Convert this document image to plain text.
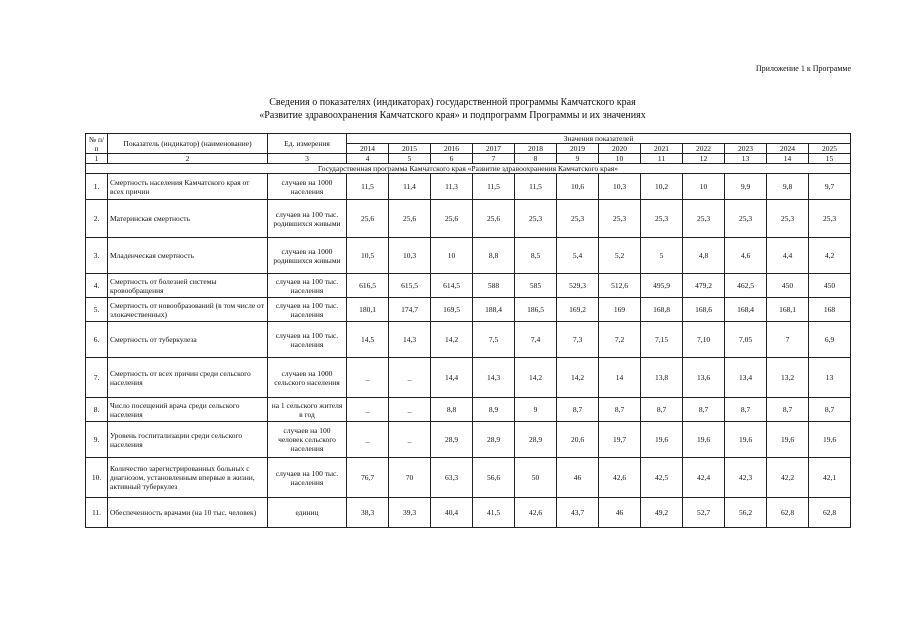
Приложение 1 к Программе
Сведения о показателях (индикаторах) государственной программы Камчатского края
«Развитие здравоохранения Камчатского края» и подпрограмм Программы и их значениях
№ п/п	Показатель (индикатор) (наименование)	Ед. измерения	Значения показателей											
			2014	2015	2016	2017	2018	2019	2020	2021	2022	2023	2024	2025
1	2	3	4	5	6	7	8	9	10	11	12	13	14	15
Государственная программа Камчатского края «Развитие здравоохранения Камчатского края»														
1.	Смертность населения Камчатского края от всех причин	случаев на 1000 населения	11,5	11,4	11,3	11,5	11,5	10,6	10,3	10,2	10	9,9	9,8	9,7
2.	Материнская смертность	случаев на 100 тыс. родившихся живыми	25,6	25,6	25,6	25,6	25,3	25,3	25,3	25,3	25,3	25,3	25,3	25,3
3.	Младенческая смертность	случаев на 1000 родившихся живыми	10,5	10,3	10	8,8	8,5	5,4	5,2	5	4,8	4,6	4,4	4,2
4.	Смертность от болезней системы кровообращения	случаев на 100 тыс. населения	616,5	615,5	614,5	588	585	529,3	512,6	495,9	479,2	462,5	450	450
5.	Смертность от новообразований (в том числе от злокачественных)	случаев на 100 тыс. населения	180,1	174,7	169,5	188,4	186,5	169,2	169	168,8	168,6	168,4	168,1	168
6.	Смертность от туберкулеза	случаев на 100 тыс. населения	14,5	14,3	14,2	7,5	7,4	7,3	7,2	7,15	7,10	7,05	7	6,9
7.	Смертность от всех причин среди сельского населения	случаев на 1000 сельского населения	_	_	14,4	14,3	14,2	14,2	14	13,8	13,6	13,4	13,2	13
8.	Число посещений врача среди сельского населения	на 1 сельского жителя в год	_	_	8,8	8,9	9	8,7	8,7	8,7	8,7	8,7	8,7	8,7
9.	Уровень госпитализации среди сельского населения	случаев на 100 человек сельского населения	_	_	28,9	28,9	28,9	20,6	19,7	19,6	19,6	19,6	19,6	19,6
10.	Количество зарегистрированных больных с диагнозом, установленным впервые в жизни, активный туберкулез	случаев на 100 тыс. населения	76,7	70	63,3	56,6	50	46	42,6	42,5	42,4	42,3	42,2	42,1
11.	Обеспеченность врачами (на 10 тыс. человек)	единиц	38,3	39,3	40,4	41,5	42,6	43,7	46	49,2	52,7	56,2	62,8	62,8
